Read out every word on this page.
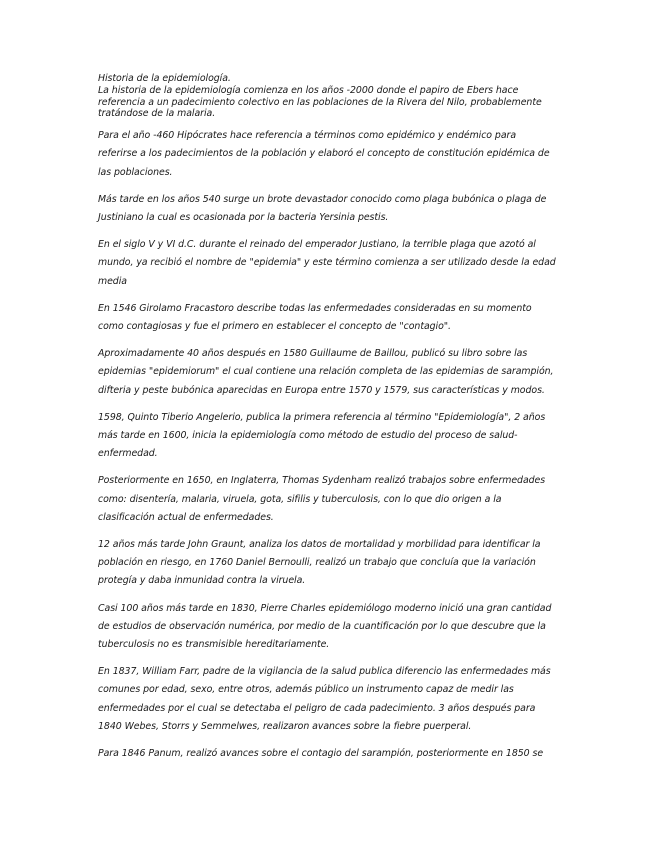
Historia de la epidemiología.
La historia de la epidemiología comienza en los años -2000 donde el papiro de Ebers hace referencia a un padecimiento colectivo en las poblaciones de la Rivera del Nilo, probablemente tratándose de la malaria.

Para el año -460 Hipócrates hace referencia a términos como epidémico y endémico para referirse a los padecimientos de la población y elaboró el concepto de constitución epidémica de las poblaciones.

Más tarde en los años 540 surge un brote devastador conocido como plaga bubónica o plaga de Justiniano la cual es ocasionada por la bacteria Yersinia pestis.

En el siglo V y VI d.C. durante el reinado del emperador Justiano, la terrible plaga que azotó al mundo, ya recibió el nombre de "epidemia" y este término comienza a ser utilizado desde la edad media

En 1546 Girolamo Fracastoro describe todas las enfermedades consideradas en su momento como contagiosas y fue el primero en establecer el concepto de "contagio".

Aproximadamente 40 años después en 1580 Guillaume de Baillou, publicó su libro sobre las epidemias "epidemiorum" el cual contiene una relación completa de las epidemias de sarampión, difteria y peste bubónica aparecidas en Europa entre 1570 y 1579, sus características y modos.

1598, Quinto Tiberio Angelerio, publica la primera referencia al término "Epidemiología", 2 años más tarde en 1600, inicia la epidemiología como método de estudio del proceso de salud-enfermedad.

Posteriormente en 1650, en Inglaterra, Thomas Sydenham realizó trabajos sobre enfermedades como: disentería, malaria, viruela, gota, sifilis y tuberculosis, con lo que dio origen a la clasificación actual de enfermedades.

12 años más tarde John Graunt, analiza los datos de mortalidad y morbilidad para identificar la población en riesgo, en 1760 Daniel Bernoulli, realizó un trabajo que concluía que la variación protegía y daba inmunidad contra la viruela.

Casi 100 años más tarde en 1830, Pierre Charles epidemiólogo moderno inició una gran cantidad de estudios de observación numérica, por medio de la cuantificación por lo que descubre que la tuberculosis no es transmisible hereditariamente.

En 1837, William Farr, padre de la vigilancia de la salud publica diferencio las enfermedades más comunes por edad, sexo, entre otros, además público un instrumento capaz de medir las enfermedades por el cual se detectaba el peligro de cada padecimiento. 3 años después para 1840 Webes, Storrs y Semmelwes, realizaron avances sobre la fiebre puerperal.

Para 1846 Panum, realizó avances sobre el contagio del sarampión, posteriormente en 1850 se
